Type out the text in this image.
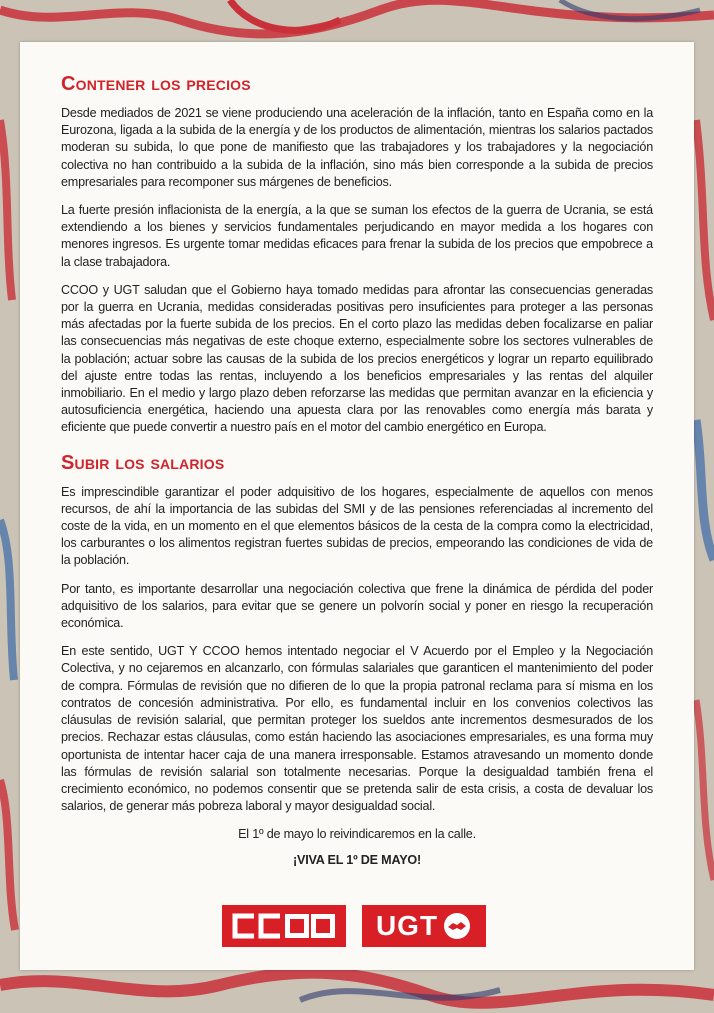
Contener los precios

Desde mediados de 2021 se viene produciendo una aceleración de la inflación, tanto en España como en la Eurozona, ligada a la subida de la energía y de los productos de alimentación, mientras los salarios pactados moderan su subida, lo que pone de manifiesto que las trabajadores y los trabajadores y la negociación colectiva no han contribuido a la subida de la inflación, sino más bien corresponde a la subida de precios empresariales para recomponer sus márgenes de beneficios.

La fuerte presión inflacionista de la energía, a la que se suman los efectos de la guerra de Ucrania, se está extendiendo a los bienes y servicios fundamentales perjudicando en mayor medida a los hogares con menores ingresos. Es urgente tomar medidas eficaces para frenar la subida de los precios que empobrece a la clase trabajadora.

CCOO y UGT saludan que el Gobierno haya tomado medidas para afrontar las consecuencias generadas por la guerra en Ucrania, medidas consideradas positivas pero insuficientes para proteger a las personas más afectadas por la fuerte subida de los precios. En el corto plazo las medidas deben focalizarse en paliar las consecuencias más negativas de este choque externo, especialmente sobre los sectores vulnerables de la población; actuar sobre las causas de la subida de los precios energéticos y lograr un reparto equilibrado del ajuste entre todas las rentas, incluyendo a los beneficios empresariales y las rentas del alquiler inmobiliario. En el medio y largo plazo deben reforzarse las medidas que permitan avanzar en la eficiencia y autosuficiencia energética, haciendo una apuesta clara por las renovables como energía más barata y eficiente que puede convertir a nuestro país en el motor del cambio energético en Europa.

Subir los salarios

Es imprescindible garantizar el poder adquisitivo de los hogares, especialmente de aquellos con menos recursos, de ahí la importancia de las subidas del SMI y de las pensiones referenciadas al incremento del coste de la vida, en un momento en el que elementos básicos de la cesta de la compra como la electricidad, los carburantes o los alimentos registran fuertes subidas de precios, empeorando las condiciones de vida de la población.

Por tanto, es importante desarrollar una negociación colectiva que frene la dinámica de pérdida del poder adquisitivo de los salarios, para evitar que se genere un polvorín social y poner en riesgo la recuperación económica.

En este sentido, UGT Y CCOO hemos intentado negociar el V Acuerdo por el Empleo y la Negociación Colectiva, y no cejaremos en alcanzarlo, con fórmulas salariales que garanticen el mantenimiento del poder de compra. Fórmulas de revisión que no difieren de lo que la propia patronal reclama para sí misma en los contratos de concesión administrativa. Por ello, es fundamental incluir en los convenios colectivos las cláusulas de revisión salarial, que permitan proteger los sueldos ante incrementos desmesurados de los precios. Rechazar estas cláusulas, como están haciendo las asociaciones empresariales, es una forma muy oportunista de intentar hacer caja de una manera irresponsable. Estamos atravesando un momento donde las fórmulas de revisión salarial son totalmente necesarias. Porque la desigualdad también frena el crecimiento económico, no podemos consentir que se pretenda salir de esta crisis, a costa de devaluar los salarios, de generar más pobreza laboral y mayor desigualdad social.

El 1º de mayo lo reivindicaremos en la calle.

¡VIVA EL 1º DE MAYO!

UGT
